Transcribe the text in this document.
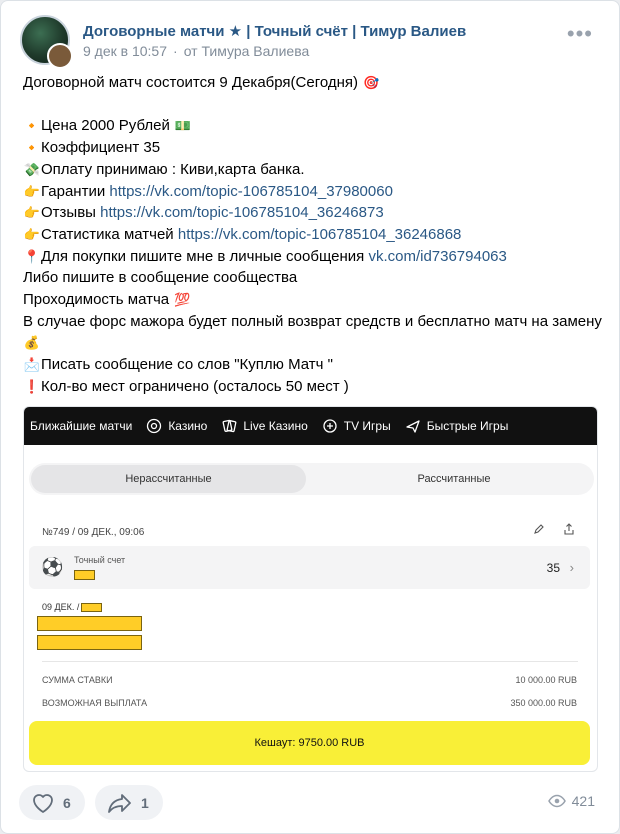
Договорные матчи ★ | Точный счёт | Тимур Валиев
9 дек в 10:57 · от Тимура Валиева
•••
Договорной матч состоится 9 Декабря(Сегодня) 🎯
🔸Цена 2000 Рублей 💵
🔸Коэффициент 35
💸Оплату принимаю : Киви,карта банка.
👉Гарантии https://vk.com/topic-106785104_37980060
👉Отзывы https://vk.com/topic-106785104_36246873
👉Статистика матчей https://vk.com/topic-106785104_36246868
📍Для покупки пишите мне в личные сообщения vk.com/id736794063
Либо пишите в сообщение сообщества
Проходимость матча 💯
В случае форс мажора будет полный возврат средств и бесплатно матч на замену
💰
📩Писать сообщение со слов "Куплю Матч "
❗Кол-во мест ограничено (осталось 50 мест )
Ближайшие матчи	Казино	Live Казино	TV Игры	Быстрые Игры
Нерассчитанные	Рассчитанные
№749 / 09 ДЕК., 09:06
⚽ Точный счет
35 ›
09 ДЕК. /
СУММА СТАВКИ	10 000.00 RUB
ВОЗМОЖНАЯ ВЫПЛАТА	350 000.00 RUB
Кешаут: 9750.00 RUB
6	1	421
